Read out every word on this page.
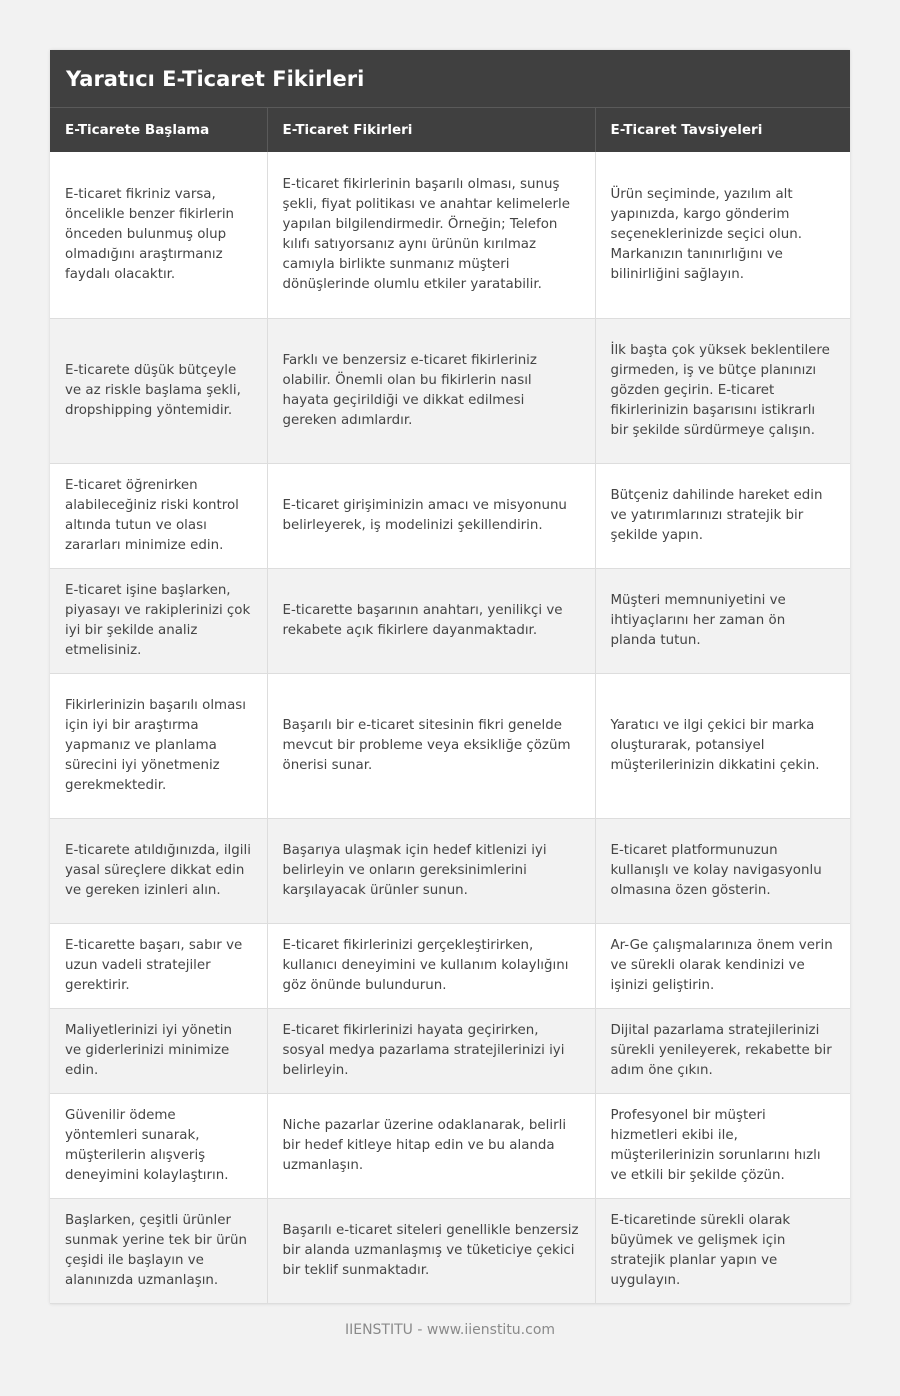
Yaratıcı E-Ticaret Fikirleri
E-Ticarete Başlama	E-Ticaret Fikirleri	E-Ticaret Tavsiyeleri
E-ticaret fikriniz varsa, öncelikle benzer fikirlerin önceden bulunmuş olup olmadığını araştırmanız faydalı olacaktır.	E-ticaret fikirlerinin başarılı olması, sunuş şekli, fiyat politikası ve anahtar kelimelerle yapılan bilgilendirmedir. Örneğin; Telefon kılıfı satıyorsanız aynı ürünün kırılmaz camıyla birlikte sunmanız müşteri dönüşlerinde olumlu etkiler yaratabilir.	Ürün seçiminde, yazılım alt yapınızda, kargo gönderim seçeneklerinizde seçici olun. Markanızın tanınırlığını ve bilinirliğini sağlayın.
E-ticarete düşük bütçeyle ve az riskle başlama şekli, dropshipping yöntemidir.	Farklı ve benzersiz e-ticaret fikirleriniz olabilir. Önemli olan bu fikirlerin nasıl hayata geçirildiği ve dikkat edilmesi gereken adımlardır.	İlk başta çok yüksek beklentilere girmeden, iş ve bütçe planınızı gözden geçirin. E-ticaret fikirlerinizin başarısını istikrarlı bir şekilde sürdürmeye çalışın.
E-ticaret öğrenirken alabileceğiniz riski kontrol altında tutun ve olası zararları minimize edin.	E-ticaret girişiminizin amacı ve misyonunu belirleyerek, iş modelinizi şekillendirin.	Bütçeniz dahilinde hareket edin ve yatırımlarınızı stratejik bir şekilde yapın.
E-ticaret işine başlarken, piyasayı ve rakiplerinizi çok iyi bir şekilde analiz etmelisiniz.	E-ticarette başarının anahtarı, yenilikçi ve rekabete açık fikirlere dayanmaktadır.	Müşteri memnuniyetini ve ihtiyaçlarını her zaman ön planda tutun.
Fikirlerinizin başarılı olması için iyi bir araştırma yapmanız ve planlama sürecini iyi yönetmeniz gerekmektedir.	Başarılı bir e-ticaret sitesinin fikri genelde mevcut bir probleme veya eksikliğe çözüm önerisi sunar.	Yaratıcı ve ilgi çekici bir marka oluşturarak, potansiyel müşterilerinizin dikkatini çekin.
E-ticarete atıldığınızda, ilgili yasal süreçlere dikkat edin ve gereken izinleri alın.	Başarıya ulaşmak için hedef kitlenizi iyi belirleyin ve onların gereksinimlerini karşılayacak ürünler sunun.	E-ticaret platformunuzun kullanışlı ve kolay navigasyonlu olmasına özen gösterin.
E-ticarette başarı, sabır ve uzun vadeli stratejiler gerektirir.	E-ticaret fikirlerinizi gerçekleştirirken, kullanıcı deneyimini ve kullanım kolaylığını göz önünde bulundurun.	Ar-Ge çalışmalarınıza önem verin ve sürekli olarak kendinizi ve işinizi geliştirin.
Maliyetlerinizi iyi yönetin ve giderlerinizi minimize edin.	E-ticaret fikirlerinizi hayata geçirirken, sosyal medya pazarlama stratejilerinizi iyi belirleyin.	Dijital pazarlama stratejilerinizi sürekli yenileyerek, rekabette bir adım öne çıkın.
Güvenilir ödeme yöntemleri sunarak, müşterilerin alışveriş deneyimini kolaylaştırın.	Niche pazarlar üzerine odaklanarak, belirli bir hedef kitleye hitap edin ve bu alanda uzmanlaşın.	Profesyonel bir müşteri hizmetleri ekibi ile, müşterilerinizin sorunlarını hızlı ve etkili bir şekilde çözün.
Başlarken, çeşitli ürünler sunmak yerine tek bir ürün çeşidi ile başlayın ve alanınızda uzmanlaşın.	Başarılı e-ticaret siteleri genellikle benzersiz bir alanda uzmanlaşmış ve tüketiciye çekici bir teklif sunmaktadır.	E-ticaretinde sürekli olarak büyümek ve gelişmek için stratejik planlar yapın ve uygulayın.
IIENSTITU - www.iienstitu.com
